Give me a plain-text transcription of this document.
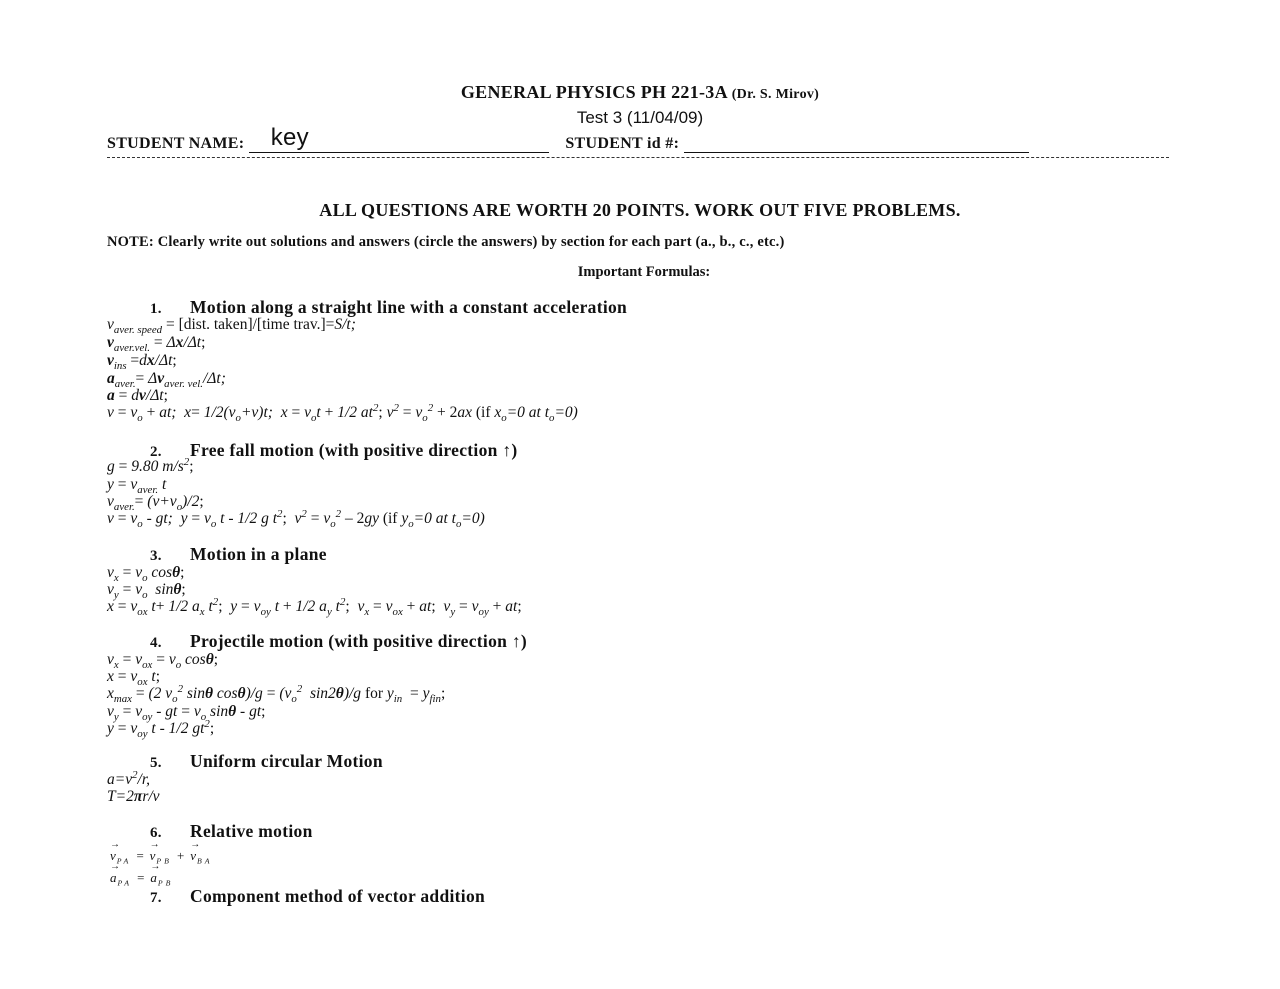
GENERAL PHYSICS PH 221-3A (Dr. S. Mirov)
Test 3 (11/04/09)
STUDENT NAME: key	STUDENT id #:
ALL QUESTIONS ARE WORTH 20 POINTS. WORK OUT FIVE PROBLEMS.
NOTE: Clearly write out solutions and answers (circle the answers) by section for each part (a., b., c., etc.)
Important Formulas:
1. Motion along a straight line with a constant acceleration
$v_{aver. speed}$ = [dist. taken]/[time trav.]=S/t;
$v_{aver.vel.} = \Delta x/\Delta t$;
$v_{ins} =dx/\Delta t$;
$a_{aver.}= \Delta v_{aver. vel.}/\Delta t$;
a = dv/Δt;
$v = v_o$ + at;  $x= 1/2(v_o+v)t$;  $x = v_ot + 1/2$ $at^2$; $v^2 = v_o^2 + 2ax$ (if $x_o=0$ at $t_o=0$)
2. Free fall motion (with positive direction ↑)
g = 9.80 $m/s^2$;
$y = v_{aver.}$ t
$v_{aver.}= (v+v_o)/2$;
$v = v_o$ - gt;  $y = v_o$ t - 1/2 g $t^2$;  $v^2 = v_o^2 - 2gy$ (if $y_o=0$ at $t_o=0$)
3. Motion in a plane
$v_x = v_o$ cosθ;
$v_y = v_o$  sinθ;
$x = v_{ox}$ t+ 1/2 $a_x$ $t^2$;  $y = v_{oy}$ t + 1/2 $a_y$ $t^2$;  $v_x = v_{ox}$ + at;  $v_y = v_{oy}$ + at;
4. Projectile motion (with positive direction ↑)
$v_x = v_{ox} = v_o$ cosθ;
$x = v_{ox}$ t;
$x_{max} = (2$ $v_o^2$ sinθ $\cos\theta)/g = (v_o^2$  sin2θ)/g for $y_{in} = y_{fin}$;
$v_y = v_{oy}$ - gt = $v_o$ sinθ - gt;
$y = v_{oy}$ t - 1/2 $gt^2$;
5. Uniform circular Motion
$a=v^2/r$,
T=2πr/v
6. Relative motion
→ $v_{PA}$ = → $v_{PB}$ + → $v_{BA}$
→ $a_{PA}$ = → $a_{PB}$
7. Component method of vector addition
